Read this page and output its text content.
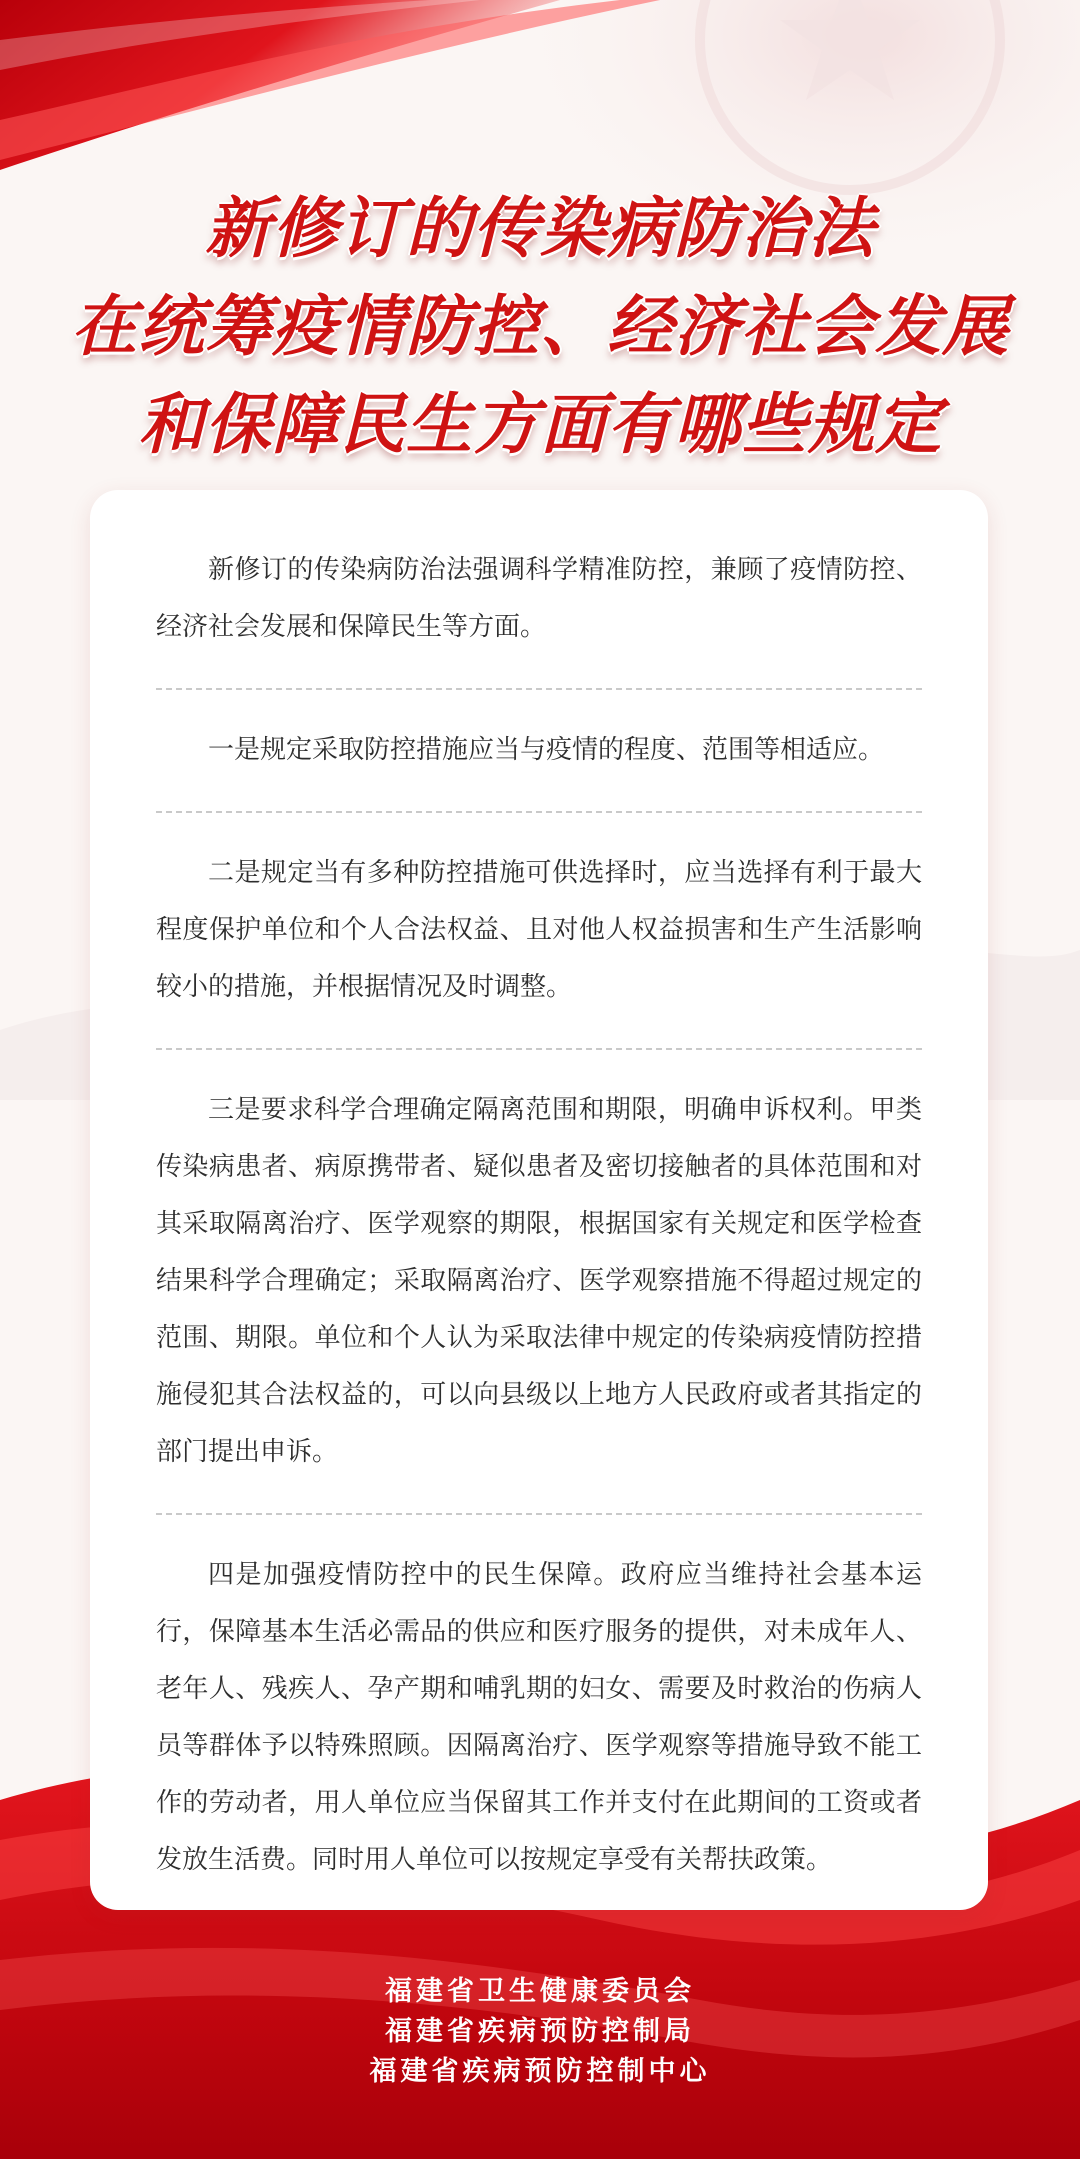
新修订的传染病防治法
在统筹疫情防控、经济社会发展
和保障民生方面有哪些规定

新修订的传染病防治法强调科学精准防控，兼顾了疫情防控、经济社会发展和保障民生等方面。

一是规定采取防控措施应当与疫情的程度、范围等相适应。

二是规定当有多种防控措施可供选择时，应当选择有利于最大程度保护单位和个人合法权益、且对他人权益损害和生产生活影响较小的措施，并根据情况及时调整。

三是要求科学合理确定隔离范围和期限，明确申诉权利。甲类传染病患者、病原携带者、疑似患者及密切接触者的具体范围和对其采取隔离治疗、医学观察的期限，根据国家有关规定和医学检查结果科学合理确定；采取隔离治疗、医学观察措施不得超过规定的范围、期限。单位和个人认为采取法律中规定的传染病疫情防控措施侵犯其合法权益的，可以向县级以上地方人民政府或者其指定的部门提出申诉。

四是加强疫情防控中的民生保障。政府应当维持社会基本运行，保障基本生活必需品的供应和医疗服务的提供，对未成年人、老年人、残疾人、孕产期和哺乳期的妇女、需要及时救治的伤病人员等群体予以特殊照顾。因隔离治疗、医学观察等措施导致不能工作的劳动者，用人单位应当保留其工作并支付在此期间的工资或者发放生活费。同时用人单位可以按规定享受有关帮扶政策。

福建省卫生健康委员会
福建省疾病预防控制局
福建省疾病预防控制中心
